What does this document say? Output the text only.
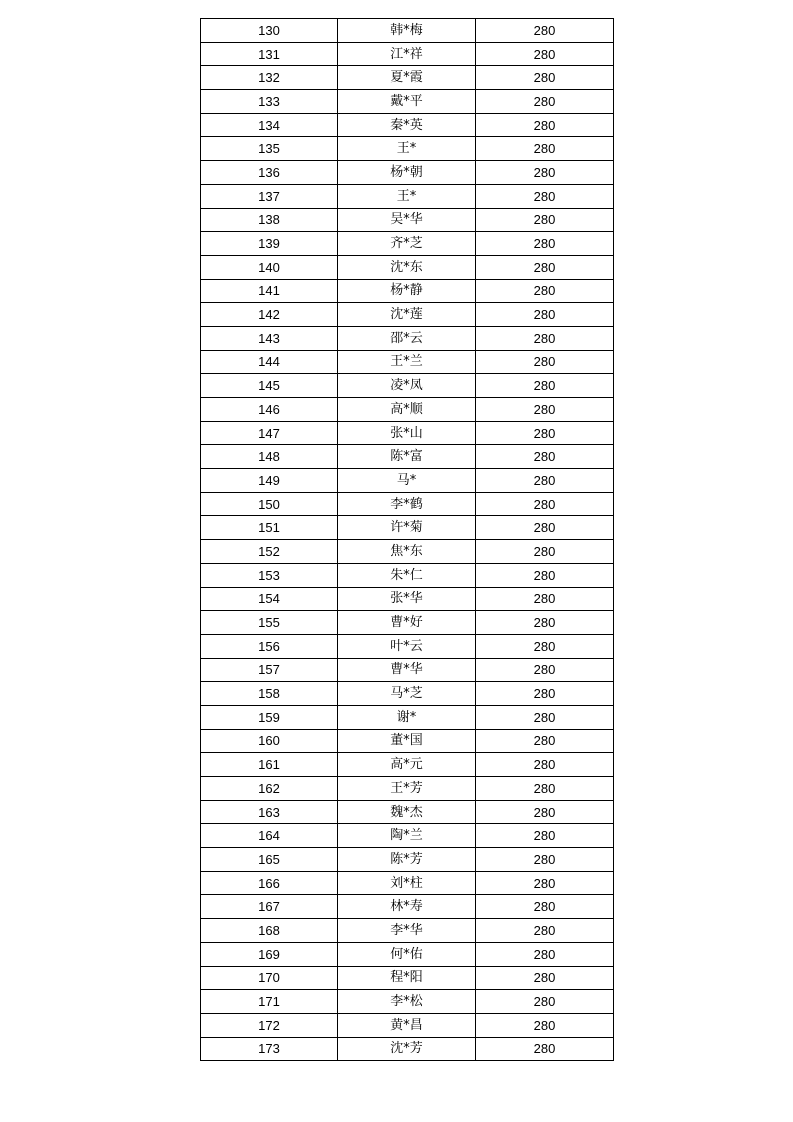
130	韩*梅	280
131	江*祥	280
132	夏*霞	280
133	戴*平	280
134	秦*英	280
135	王*	280
136	杨*朝	280
137	王*	280
138	吴*华	280
139	齐*芝	280
140	沈*东	280
141	杨*静	280
142	沈*莲	280
143	邵*云	280
144	王*兰	280
145	凌*凤	280
146	高*顺	280
147	张*山	280
148	陈*富	280
149	马*	280
150	李*鹤	280
151	许*菊	280
152	焦*东	280
153	朱*仁	280
154	张*华	280
155	曹*好	280
156	叶*云	280
157	曹*华	280
158	马*芝	280
159	谢*	280
160	董*国	280
161	高*元	280
162	王*芳	280
163	魏*杰	280
164	陶*兰	280
165	陈*芳	280
166	刘*柱	280
167	林*寿	280
168	李*华	280
169	何*佑	280
170	程*阳	280
171	李*松	280
172	黄*昌	280
173	沈*芳	280
